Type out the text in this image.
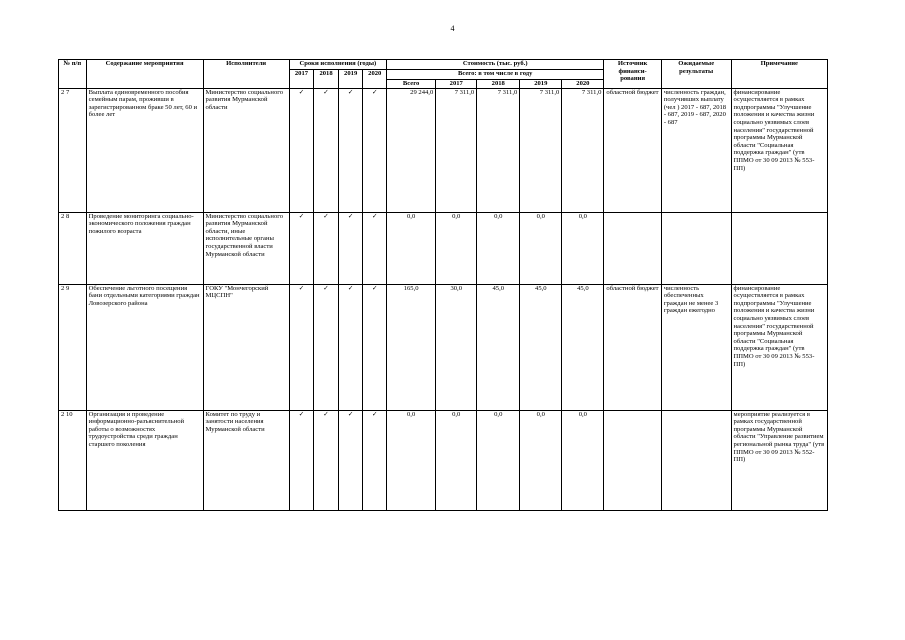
4
№ п/п	Содержание мероприятия	Исполнители	Сроки исполнения (годы)				Стоимость (тыс. руб.)					Источник финанси-рования	Ожидаемые результаты	Примечание
			2017	2018	2019	2020	Всего: в том числе в году							
							Всего	2017	2018	2019	2020			
2 7	Выплата единовременного пособия семейным парам, проживши в зарегистрированном браке 50 лет, 60 и более лет	Министерство социального развития Мурманской области	✓	✓	✓	✓	29 244,0	7 311,0	7 311,0	7 311,0	7 311,0	областной бюджет	численность граждан, получивших выплату (чел ) 2017 - 687, 2018 - 687, 2019 - 687, 2020 - 687	финансирование осуществляется в рамках подпрограммы "Улучшение положения и качества жизни социально уязвимых слоев населения" государственной программы Мурманской области "Социальная поддержка граждан" (утв ППМО от 30 09 2013 № 553-ПП)
2 8	Проведение мониторинга социально-экономического положения граждан пожилого возраста	Министерство социального развития Мурманской области, иные исполнительные органы государственной власти Мурманской области	✓	✓	✓	✓	0,0	0,0	0,0	0,0	0,0			
2 9	Обеспечение льготного посещения бани отдельными категориями граждан Ловозерского района	ГОКУ "Мончегорский МЦСПН"	✓	✓	✓	✓	165,0	30,0	45,0	45,0	45,0	областной бюджет	численность обеспеченных граждан не менее 3 граждан ежегодно	финансирование осуществляется в рамках подпрограммы "Улучшение положения и качества жизни социально уязвимых слоев населения" государственной программы Мурманской области "Социальная поддержка граждан" (утв ППМО от 30 09 2013 № 553-ПП)
2 10	Организация и проведение информационно-разъяснительной работы о возможностях трудоустройства среди граждан старшего поколения	Комитет по труду и занятости населения Мурманской области	✓	✓	✓	✓	0,0	0,0	0,0	0,0	0,0			мероприятие реализуется в рамках государственной программы Мурманской области "Управление развитием региональной рынка труда" (утв ППМО от 30 09 2013 № 552-ПП)
